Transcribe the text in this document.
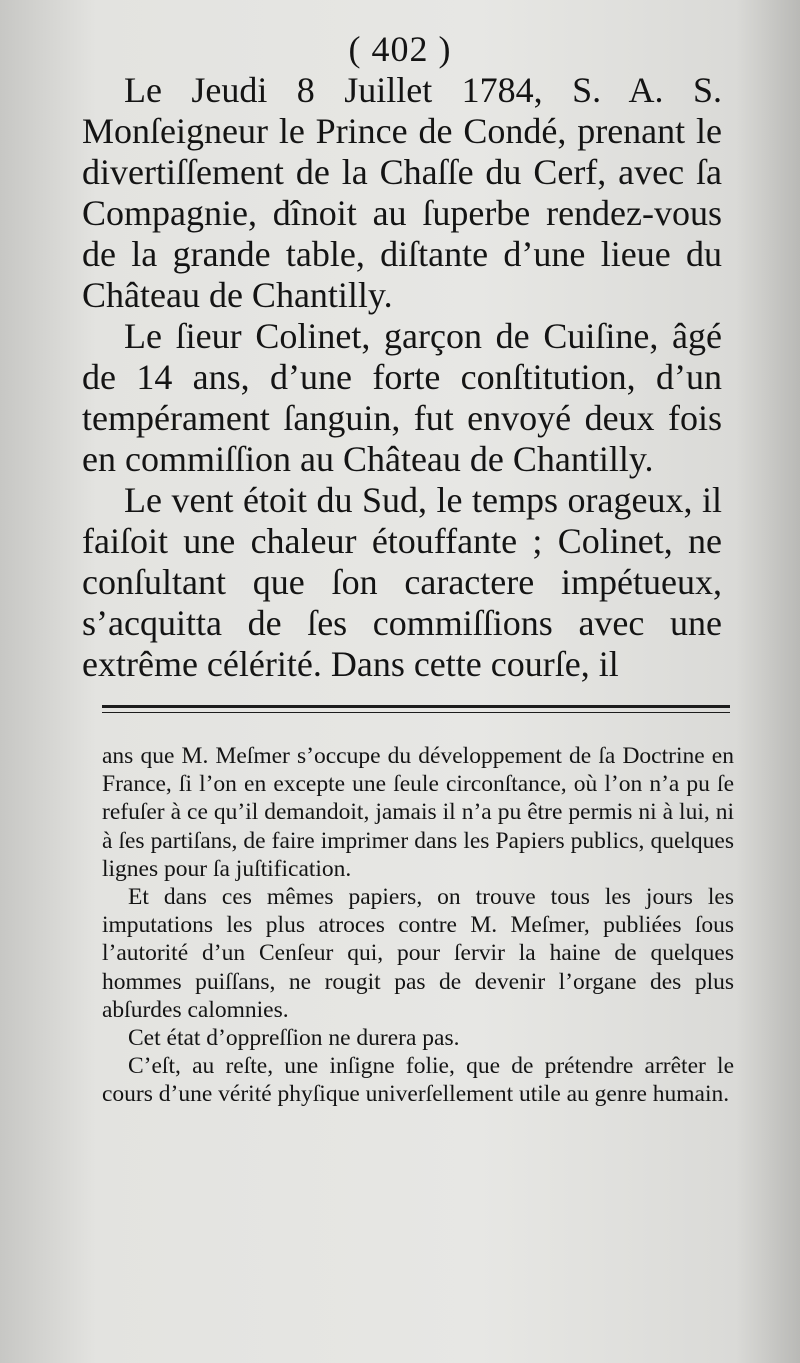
( 402 )

Le Jeudi 8 Juillet 1784, S. A. S. Monſeigneur le Prince de Condé, prenant le divertiſſement de la Chaſſe du Cerf, avec ſa Compagnie, dînoit au ſuperbe rendez-vous de la grande table, diſtante d’une lieue du Château de Chantilly.

Le ſieur Colinet, garçon de Cuiſine, âgé de 14 ans, d’une forte conſtitution, d’un tempérament ſanguin, fut envoyé deux fois en commiſſion au Château de Chantilly.

Le vent étoit du Sud, le temps orageux, il faiſoit une chaleur étouffante ; Colinet, ne conſultant que ſon caractere impétueux, s’acquitta de ſes commiſſions avec une extrême célérité. Dans cette courſe, il

ans que M. Meſmer s’occupe du développement de ſa Doctrine en France, ſi l’on en excepte une ſeule circonſtance, où l’on n’a pu ſe refuſer à ce qu’il demandoit, jamais il n’a pu être permis ni à lui, ni à ſes partiſans, de faire imprimer dans les Papiers publics, quelques lignes pour ſa juſtification.

Et dans ces mêmes papiers, on trouve tous les jours les imputations les plus atroces contre M. Meſmer, publiées ſous l’autorité d’un Cenſeur qui, pour ſervir la haine de quelques hommes puiſſans, ne rougit pas de devenir l’organe des plus abſurdes calomnies.

Cet état d’oppreſſion ne durera pas.

C’eſt, au reſte, une inſigne folie, que de prétendre arrêter le cours d’une vérité phyſique univerſellement utile au genre humain.
